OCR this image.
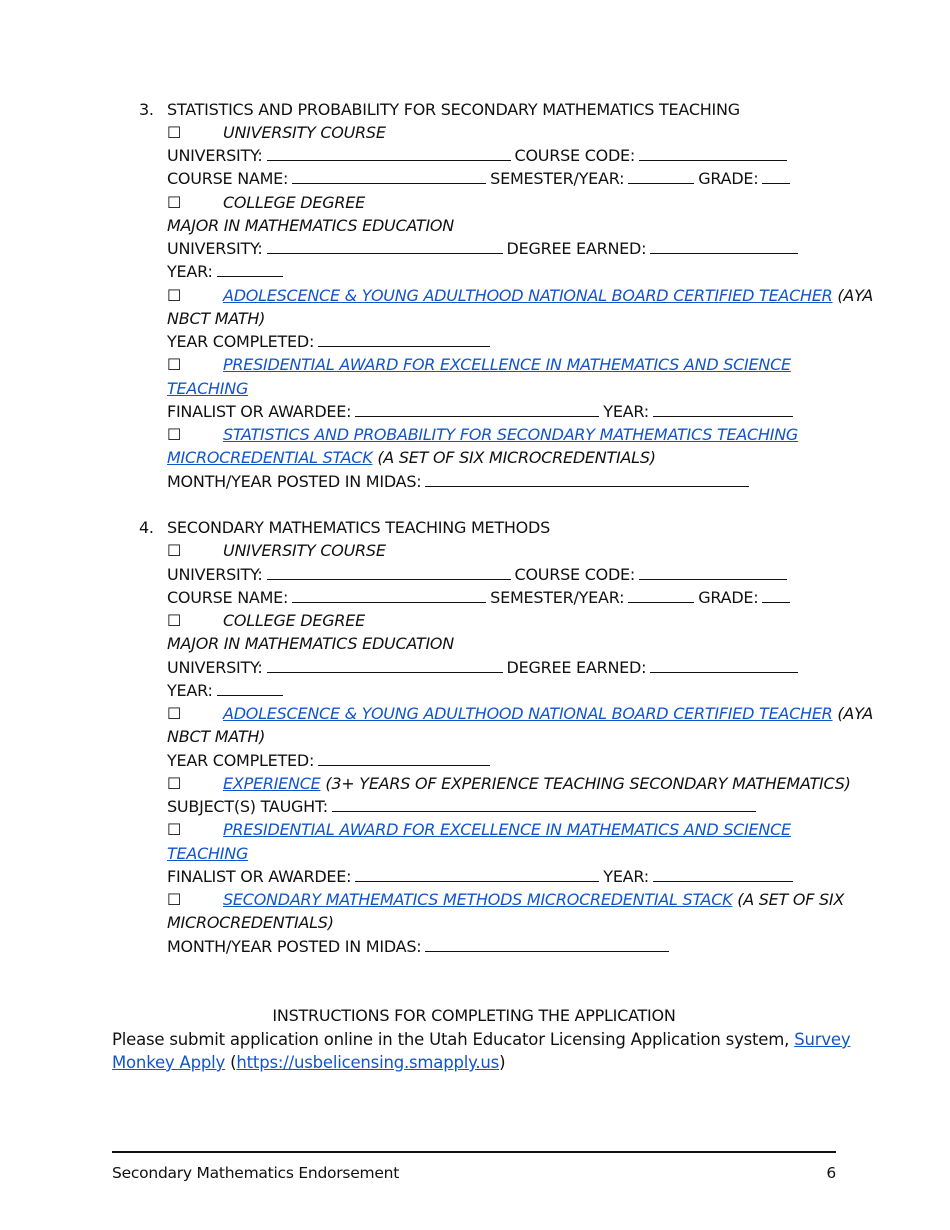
3. STATISTICS AND PROBABILITY FOR SECONDARY MATHEMATICS TEACHING
☐	UNIVERSITY COURSE
UNIVERSITY:	COURSE CODE:
COURSE NAME:	SEMESTER/YEAR:	GRADE:
☐	COLLEGE DEGREE
MAJOR IN MATHEMATICS EDUCATION
UNIVERSITY:	DEGREE EARNED:
YEAR:
☐	ADOLESCENCE & YOUNG ADULTHOOD NATIONAL BOARD CERTIFIED TEACHER (AYA
NBCT MATH)
YEAR COMPLETED:
☐	PRESIDENTIAL AWARD FOR EXCELLENCE IN MATHEMATICS AND SCIENCE
TEACHING
FINALIST OR AWARDEE:	YEAR:
☐	STATISTICS AND PROBABILITY FOR SECONDARY MATHEMATICS TEACHING
MICROCREDENTIAL STACK (A SET OF SIX MICROCREDENTIALS)
MONTH/YEAR POSTED IN MIDAS:
4. SECONDARY MATHEMATICS TEACHING METHODS
☐	UNIVERSITY COURSE
UNIVERSITY:	COURSE CODE:
COURSE NAME:	SEMESTER/YEAR:	GRADE:
☐	COLLEGE DEGREE
MAJOR IN MATHEMATICS EDUCATION
UNIVERSITY:	DEGREE EARNED:
YEAR:
☐	ADOLESCENCE & YOUNG ADULTHOOD NATIONAL BOARD CERTIFIED TEACHER (AYA
NBCT MATH)
YEAR COMPLETED:
☐	EXPERIENCE (3+ YEARS OF EXPERIENCE TEACHING SECONDARY MATHEMATICS)
SUBJECT(S) TAUGHT:
☐	PRESIDENTIAL AWARD FOR EXCELLENCE IN MATHEMATICS AND SCIENCE
TEACHING
FINALIST OR AWARDEE:	YEAR:
☐	SECONDARY MATHEMATICS METHODS MICROCREDENTIAL STACK (A SET OF SIX
MICROCREDENTIALS)
MONTH/YEAR POSTED IN MIDAS:
INSTRUCTIONS FOR COMPLETING THE APPLICATION
Please submit application online in the Utah Educator Licensing Application system, Survey
Monkey Apply (https://usbelicensing.smapply.us)
Secondary Mathematics Endorsement	6
